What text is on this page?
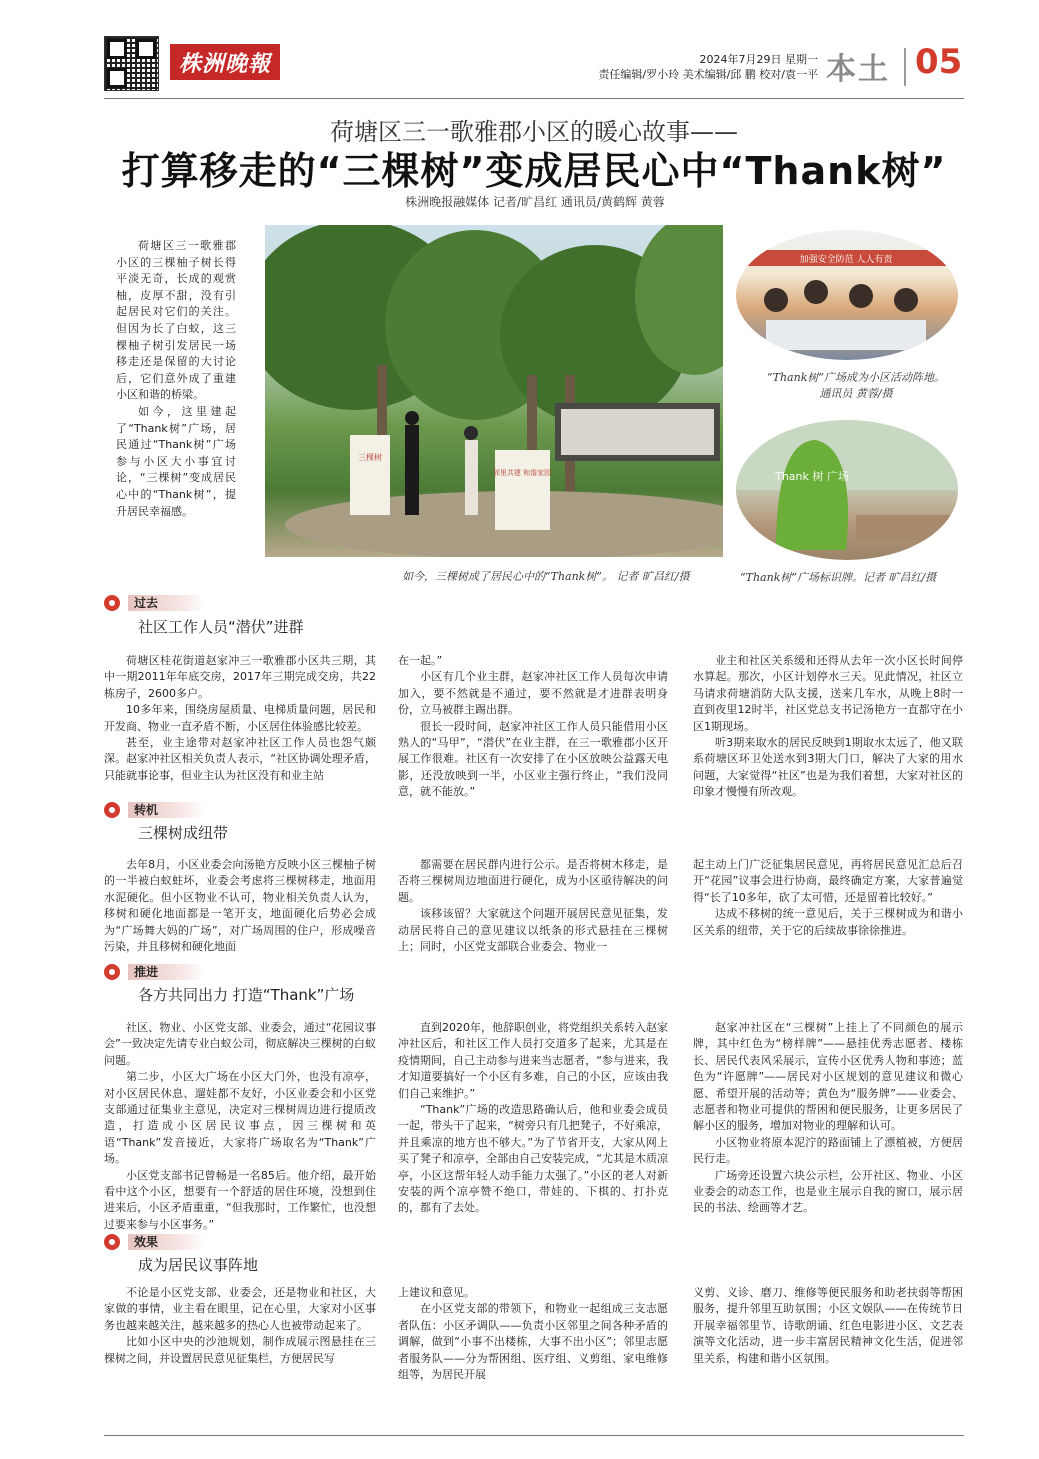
株洲晚報	2024年7月29日 星期一
责任编辑/罗小玲 美术编辑/邱 鹏 校对/袁一平 本土 05
荷塘区三一歌雅郡小区的暖心故事——
打算移走的“三棵树”变成居民心中“Thank树”
株洲晚报融媒体 记者/旷昌红 通讯员/黄鹤辉 黄蓉

荷塘区三一歌雅郡小区的三棵柚子树长得平淡无奇，长成的观赏柚，皮厚不甜，没有引起居民对它们的关注。但因为长了白蚁，这三棵柚子树引发居民一场移走还是保留的大讨论后，它们意外成了重建小区和谐的桥梁。

如今，这里建起了“Thank树”广场，居民通过“Thank树”广场参与小区大小事宜讨论，“三棵树”变成居民心中的“Thank树”，提升居民幸福感。

三棵树
邻里共建 和谐家园
如今，三棵树成了居民心中的“Thank树”。 记者 旷昌红/摄
加强安全防范 人人有责
“Thank树”广场成为小区活动阵地。
通讯员 黄蓉/摄
Thank 树 广场
“Thank树”广场标识牌。记者 旷昌红/摄
过去
社区工作人员“潜伏”进群

荷塘区桂花街道赵家冲三一歌雅郡小区共三期，其中一期2011年年底交房，2017年三期完成交房，共22栋房子，2600多户。

10多年来，围绕房屋质量、电梯质量问题，居民和开发商、物业一直矛盾不断，小区居住体验感比较差。

甚至，业主途带对赵家冲社区工作人员也怨气颇深。赵家冲社区相关负责人表示，“社区协调处理矛盾，只能就事论事，但业主认为社区没有和业主站

在一起。”

小区有几个业主群，赵家冲社区工作人员每次申请加入，要不然就是不通过，要不然就是才进群表明身份，立马被群主踢出群。

很长一段时间，赵家冲社区工作人员只能借用小区熟人的“马甲”，“潜伏”在业主群，在三一歌雅郡小区开展工作很难。社区有一次安排了在小区放映公益露天电影，还没放映到一半，小区业主强行终止，“我们没同意，就不能放。”

业主和社区关系缓和还得从去年一次小区长时间停水算起。那次，小区计划停水三天。见此情况，社区立马请求荷塘消防大队支援，送来几车水，从晚上8时一直到夜里12时半，社区党总支书记汤艳方一直都守在小区1期现场。

听3期来取水的居民反映到1期取水太远了，他又联系荷塘区环卫处送水到3期大门口，解决了大家的用水问题，大家觉得“社区”也是为我们着想，大家对社区的印象才慢慢有所改观。

转机
三棵树成纽带

去年8月，小区业委会向汤艳方反映小区三棵柚子树的一半被白蚁蛀坏，业委会考虑将三棵树移走，地面用水泥硬化。但小区物业不认可，物业相关负责人认为，移树和硬化地面都是一笔开支，地面硬化后势必会成为“广场舞大妈的广场”，对广场周围的住户，形成噪音污染，并且移树和硬化地面

都需要在居民群内进行公示。是否将树木移走，是否将三棵树周边地面进行硬化，成为小区亟待解决的问题。

该移该留？大家就这个问题开展居民意见征集，发动居民将自己的意见建议以纸条的形式悬挂在三棵树上；同时，小区党支部联合业委会、物业一

起主动上门广泛征集居民意见，再将居民意见汇总后召开“花园”议事会进行协商，最终确定方案，大家普遍觉得“长了10多年，砍了太可惜，还是留着比较好。”

达成不移树的统一意见后，关于三棵树成为和谐小区关系的纽带，关于它的后续故事徐徐推进。

推进
各方共同出力 打造“Thank”广场

社区、物业、小区党支部、业委会，通过“花园议事会”一致决定先请专业白蚁公司，彻底解决三棵树的白蚁问题。

第二步，小区大广场在小区大门外，也没有凉亭，对小区居民休息、遛娃都不友好，小区业委会和小区党支部通过征集业主意见，决定对三棵树周边进行提质改造，打造成小区居民议事点，因三棵树和英语“Thank”发音接近，大家将广场取名为“Thank”广场。

小区党支部书记曾畅是一名85后。他介绍，最开始看中这个小区，想要有一个舒适的居住环境，没想到住进来后，小区矛盾重重，“但我那时，工作繁忙，也没想过要来参与小区事务。”

直到2020年，他辞职创业，将党组织关系转入赵家冲社区后，和社区工作人员打交道多了起来，尤其是在疫情期间，自己主动参与进来当志愿者，“参与进来，我才知道要搞好一个小区有多难，自己的小区，应该由我们自己来维护。”

“Thank”广场的改造思路确认后，他和业委会成员一起，带头干了起来，“树旁只有几把凳子，不好乘凉，并且乘凉的地方也不够大。”为了节省开支，大家从网上买了凳子和凉亭，全部由自己安装完成，“尤其是木质凉亭，小区这帮年轻人动手能力太强了。”小区的老人对新安装的两个凉亭赞不绝口，带娃的、下棋的、打扑克的，都有了去处。

赵家冲社区在“三棵树”上挂上了不同颜色的展示牌，其中红色为“榜样牌”——悬挂优秀志愿者、楼栋长、居民代表风采展示，宣传小区优秀人物和事迹；蓝色为“许愿牌”——居民对小区规划的意见建议和微心愿、希望开展的活动等；黄色为“服务牌”——业委会、志愿者和物业可提供的帮困和便民服务，让更多居民了解小区的服务，增加对物业的理解和认可。

小区物业将原本泥泞的路面铺上了漂植被，方便居民行走。

广场旁还设置六块公示栏，公开社区、物业、小区业委会的动态工作，也是业主展示自我的窗口，展示居民的书法、绘画等才艺。

效果
成为居民议事阵地

不论是小区党支部、业委会，还是物业和社区，大家做的事情，业主看在眼里，记在心里，大家对小区事务也越来越关注，越来越多的热心人也被带动起来了。

比如小区中央的沙池规划，制作成展示图悬挂在三棵树之间，并设置居民意见征集栏，方便居民写

上建议和意见。

在小区党支部的带领下，和物业一起组成三支志愿者队伍：小区矛调队——负责小区邻里之间各种矛盾的调解，做到“小事不出楼栋，大事不出小区”；邻里志愿者服务队——分为帮困组、医疗组、义剪组、家电维修组等，为居民开展

义剪、义诊、磨刀、维修等便民服务和助老扶弱等帮困服务，提升邻里互助氛围；小区文娱队——在传统节日开展幸福邻里节、诗歌朗诵、红色电影进小区、文艺表演等文化活动，进一步丰富居民精神文化生活，促进邻里关系，构建和谐小区氛围。
